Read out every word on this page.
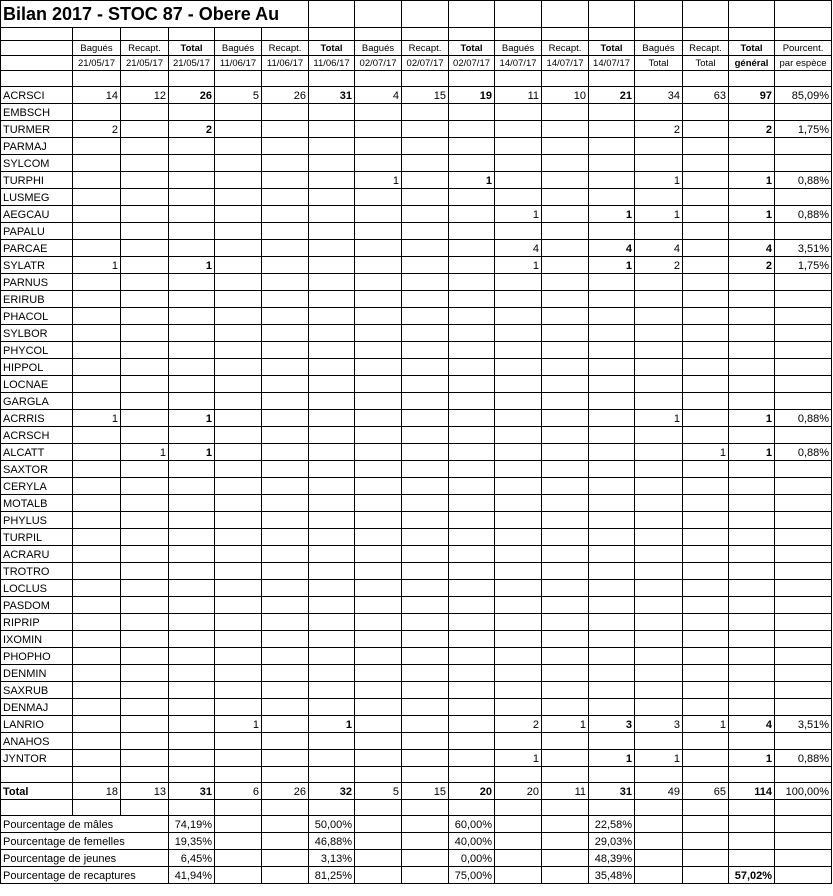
Bilan 2017 - STOC 87 - Obere Au																

	Bagués	Recapt.	Total	Bagués	Recapt.	Total	Bagués	Recapt.	Total	Bagués	Recapt.	Total	Bagués	Recapt.	Total	Pourcent.
	21/05/17	21/05/17	21/05/17	11/06/17	11/06/17	11/06/17	02/07/17	02/07/17	02/07/17	14/07/17	14/07/17	14/07/17	Total	Total	général	par espèce

ACRSCI	14	12	26	5	26	31	4	15	19	11	10	21	34	63	97	85,09%
EMBSCH																
TURMER	2		2										2		2	1,75%
PARMAJ																
SYLCOM																
TURPHI							1		1				1		1	0,88%
LUSMEG																
AEGCAU										1		1	1		1	0,88%
PAPALU																
PARCAE										4		4	4		4	3,51%
SYLATR	1		1							1		1	2		2	1,75%
PARNUS																
ERIRUB																
PHACOL																
SYLBOR																
PHYCOL																
HIPPOL																
LOCNAE																
GARGLA																
ACRRIS	1		1										1		1	0,88%
ACRSCH																
ALCATT		1	1											1	1	0,88%
SAXTOR																
CERYLA																
MOTALB																
PHYLUS																
TURPIL																
ACRARU																
TROTRO																
LOCLUS																
PASDOM																
RIPRIP																
IXOMIN																
PHOPHO																
DENMIN																
SAXRUB																
DENMAJ																
LANRIO				1		1				2	1	3	3	1	4	3,51%
ANAHOS																
JYNTOR										1		1	1		1	0,88%

Total	18	13	31	6	26	32	5	15	20	20	11	31	49	65	114	100,00%

Pourcentage de mâles			74,19%			50,00%			60,00%			22,58%				
Pourcentage de femelles			19,35%			46,88%			40,00%			29,03%				
Pourcentage de jeunes			6,45%			3,13%			0,00%			48,39%				
Pourcentage de recaptures			41,94%			81,25%			75,00%			35,48%			57,02%	
